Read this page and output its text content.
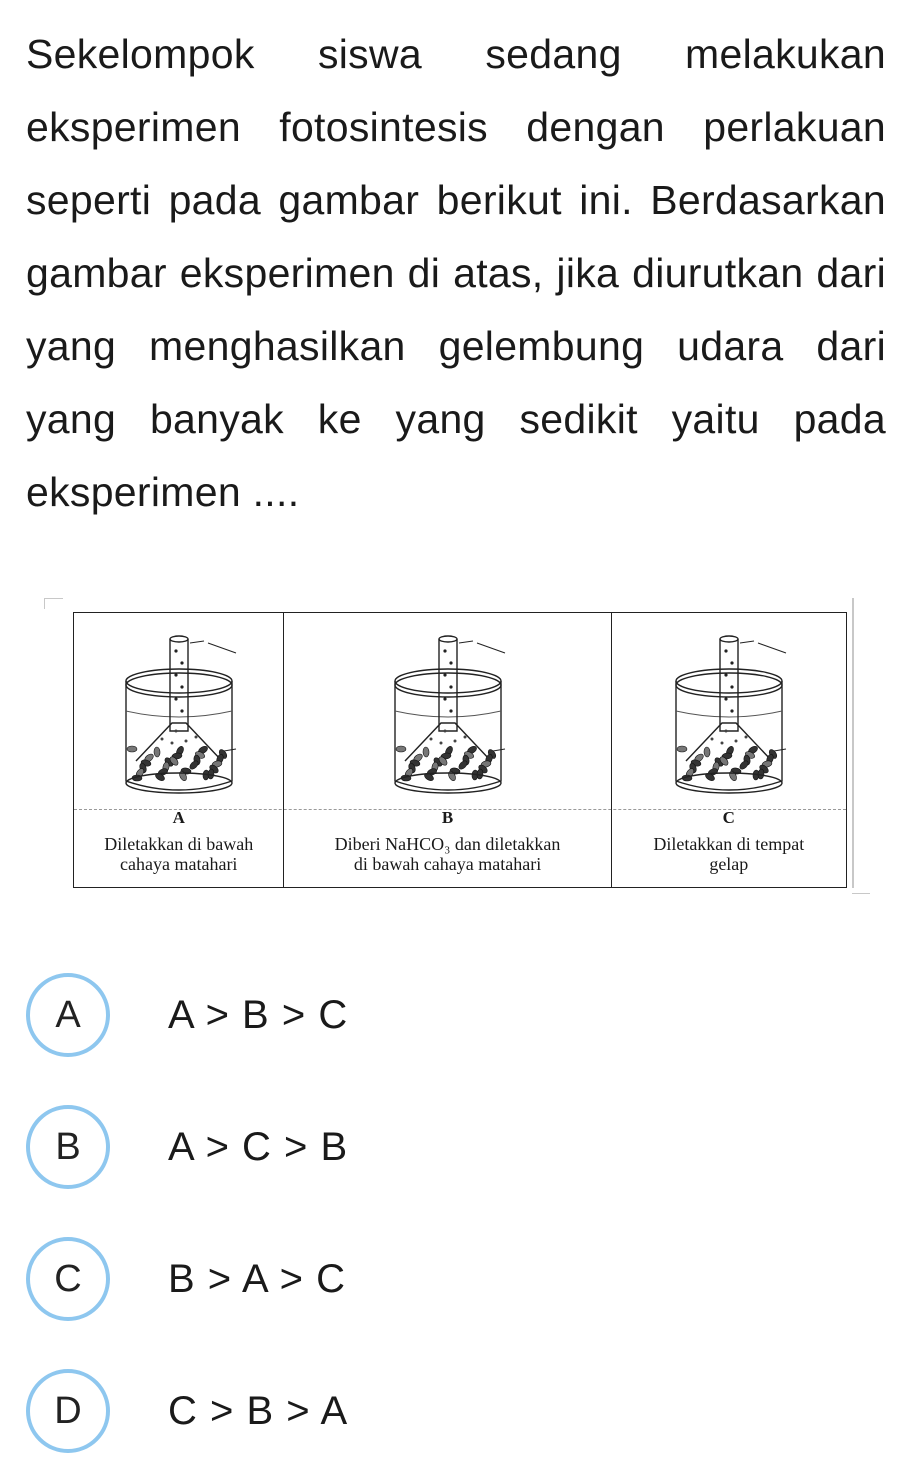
Sekelompok siswa sedang melakukan eksperimen fotosintesis dengan perlakuan seperti pada gambar berikut ini. Berdasarkan gambar eksperimen di atas, jika diurutkan dari yang menghasilkan gelembung udara dari yang banyak ke yang sedikit yaitu pada eksperimen ....
A
Diletakkan di bawah
cahaya matahari
B
Diberi NaHCO₃ dan diletakkan
di bawah cahaya matahari
C
Diletakkan di tempat
gelap
A	A > B > C
B	A > C > B
C	B > A > C
D	C > B > A
